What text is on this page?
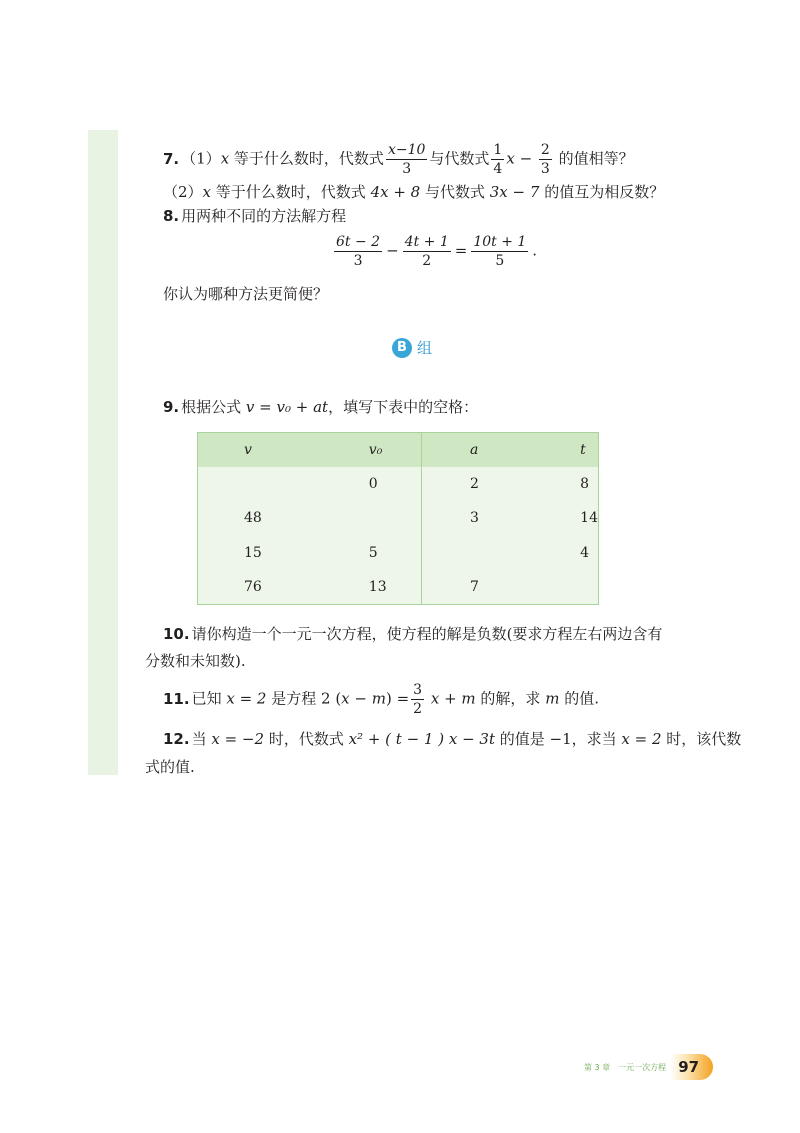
7. （1）x 等于什么数时，代数式 $\frac{x-10}{3}$ 与代数式 $\frac{1}{4}$ $x - \frac{2}{3}$ 的值相等？
（2）x 等于什么数时，代数式 4x + 8 与代数式 3x − 7 的值互为相反数？
8. 用两种不同的方法解方程
$\frac{6t - 2}{3} - \frac{4t + 1}{2} = \frac{10t + 1}{5}$ .
你认为哪种方法更简便？
B 组
9. 根据公式 v = v₀ + at，填写下表中的空格：
v	v₀	a	t
	0	2	8
48		3	14
15	5		4
76	13	7	
10. 请你构造一个一元一次方程，使方程的解是负数(要求方程左右两边含有
分数和未知数).
11. 已知 x = 2 是方程 2 $(x - m) = \frac{3}{2}$ x + m 的解，求 m 的值.
12. 当 x = −2 时，代数式 x² + ( t − 1 ) x − 3t 的值是 −1，求当 x = 2 时，该代数
式的值.
第 3 章　一元一次方程 97
